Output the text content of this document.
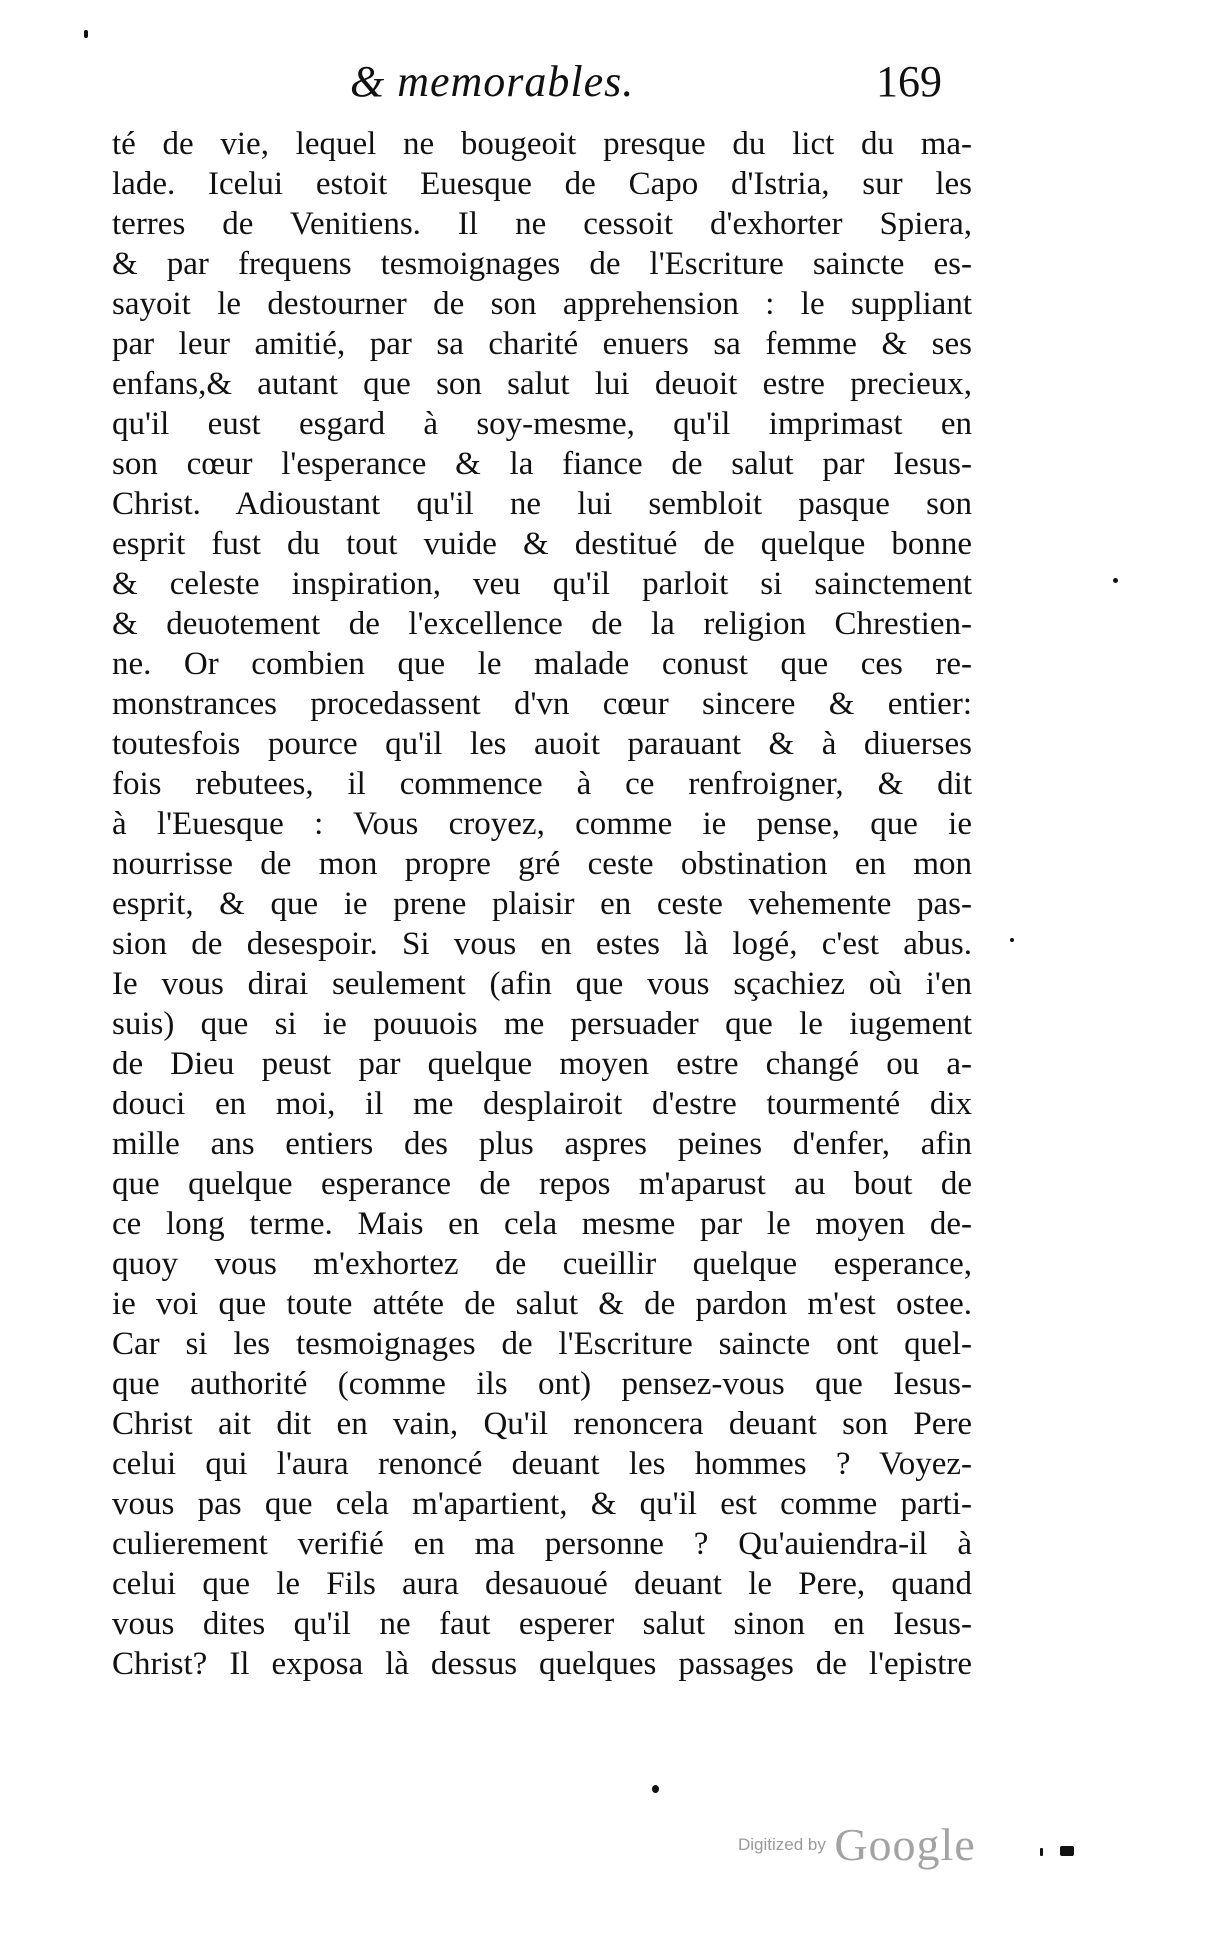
& memorables.	169
té de vie, lequel ne bougeoit presque du lict du ma-
lade. Icelui estoit Euesque de Capo d'Istria, sur les
terres de Venitiens. Il ne cessoit d'exhorter Spiera,
& par frequens tesmoignages de l'Escriture saincte es-
sayoit le destourner de son apprehension : le suppliant
par leur amitié, par sa charité enuers sa femme & ses
enfans,& autant que son salut lui deuoit estre precieux,
qu'il eust esgard à soy-mesme, qu'il imprimast en
son cœur l'esperance & la fiance de salut par Iesus-
Christ. Adioustant qu'il ne lui sembloit pasque son
esprit fust du tout vuide & destitué de quelque bonne
& celeste inspiration, veu qu'il parloit si sainctement
& deuotement de l'excellence de la religion Chrestien-
ne. Or combien que le malade conust que ces re-
monstrances procedassent d'vn cœur sincere & entier:
toutesfois pource qu'il les auoit parauant & à diuerses
fois rebutees, il commence à ce renfroigner, & dit
à l'Euesque : Vous croyez, comme ie pense, que ie
nourrisse de mon propre gré ceste obstination en mon
esprit, & que ie prene plaisir en ceste vehemente pas-
sion de desespoir. Si vous en estes là logé, c'est abus.
Ie vous dirai seulement (afin que vous sçachiez où i'en
suis) que si ie pouuois me persuader que le iugement
de Dieu peust par quelque moyen estre changé ou a-
douci en moi, il me desplairoit d'estre tourmenté dix
mille ans entiers des plus aspres peines d'enfer, afin
que quelque esperance de repos m'aparust au bout de
ce long terme. Mais en cela mesme par le moyen de-
quoy vous m'exhortez de cueillir quelque esperance,
ie voi que toute attéte de salut & de pardon m'est ostee.
Car si les tesmoignages de l'Escriture saincte ont quel-
que authorité (comme ils ont) pensez-vous que Iesus-
Christ ait dit en vain, Qu'il renoncera deuant son Pere
celui qui l'aura renoncé deuant les hommes ? Voyez-
vous pas que cela m'apartient, & qu'il est comme parti-
culierement verifié en ma personne ? Qu'auiendra-il à
celui que le Fils aura desauoué deuant le Pere, quand
vous dites qu'il ne faut esperer salut sinon en Iesus-
Christ? Il exposa là dessus quelques passages de l'epistre
Digitized by Google
